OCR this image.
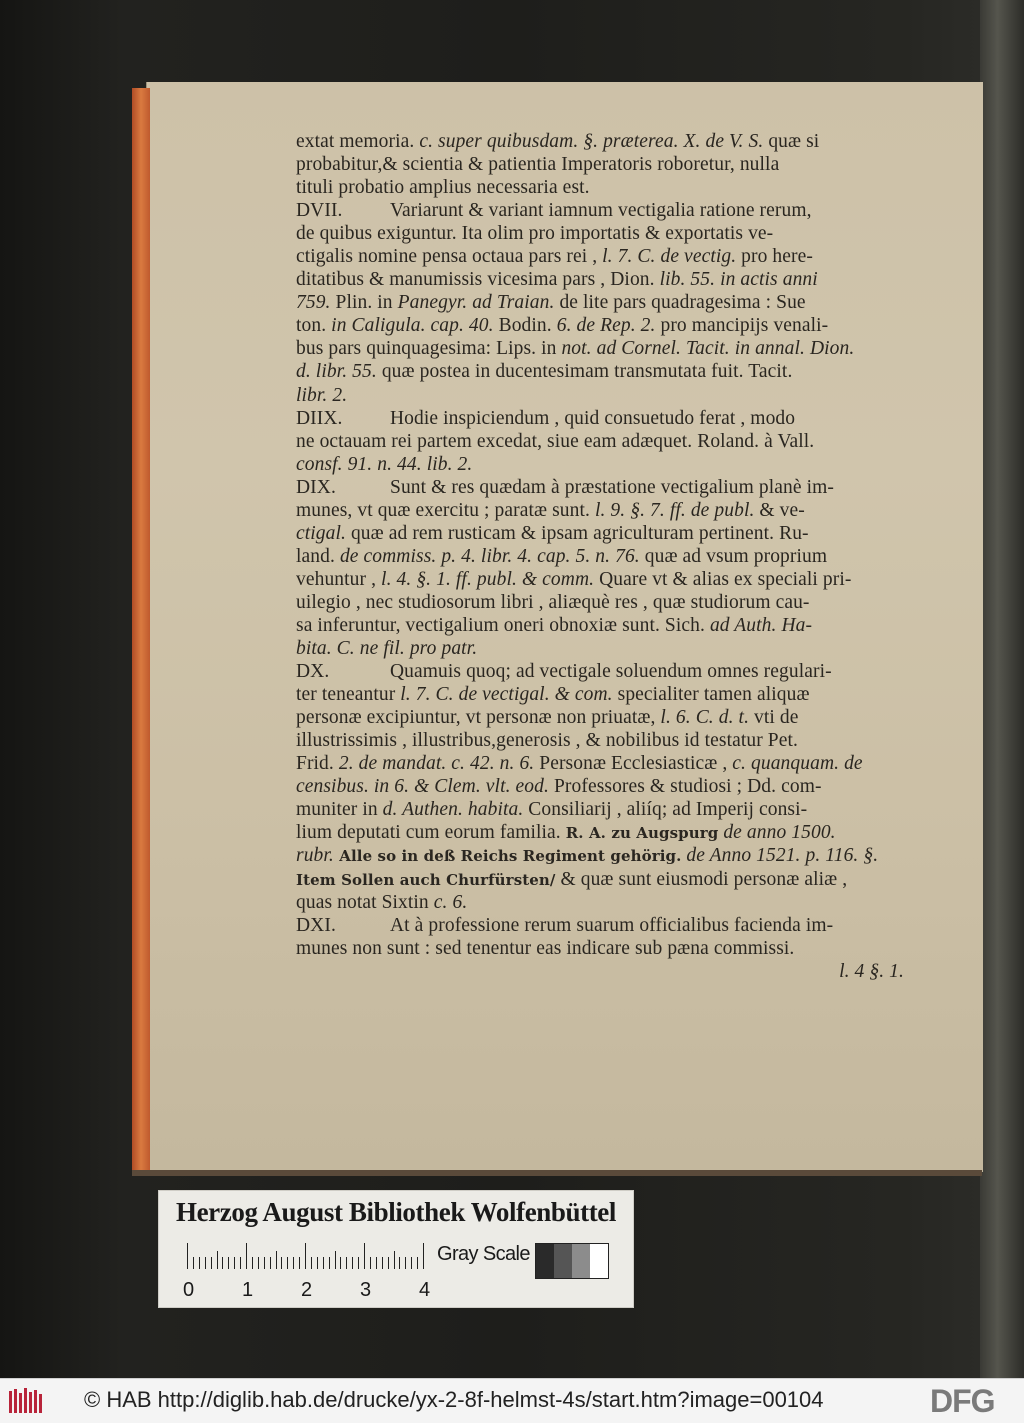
extat memoria. c. super quibusdam. §. præterea. X. de V. S. quæ si
probabitur,& scientia & patientia Imperatoris roboretur, nulla
tituli probatio amplius necessaria est.
DVII. Variarunt & variant iamnum vectigalia ratione rerum,
de quibus exiguntur. Ita olim pro importatis & exportatis ve-
ctigalis nomine pensa octaua pars rei , l. 7. C. de vectig. pro here-
ditatibus & manumissis vicesima pars , Dion. lib. 55. in actis anni
759. Plin. in Panegyr. ad Traian. de lite pars quadragesima : Sue
ton. in Caligula. cap. 40. Bodin. 6. de Rep. 2. pro mancipijs venali-
bus pars quinquagesima: Lips. in not. ad Cornel. Tacit. in annal. Dion.
d. libr. 55. quæ postea in ducentesimam transmutata fuit. Tacit.
libr. 2.
DIIX. Hodie inspiciendum , quid consuetudo ferat , modo
ne octauam rei partem excedat, siue eam adæquet. Roland. à Vall.
consf. 91. n. 44. lib. 2.
DIX.	Sunt & res quædam à præstatione vectigalium planè im-
munes, vt quæ exercitu ; paratæ sunt. l. 9. §. 7. ff. de publ. & ve-
ctigal. quæ ad rem rusticam & ipsam agriculturam pertinent. Ru-
land. de commiss. p. 4. libr. 4. cap. 5. n. 76. quæ ad vsum proprium
vehuntur , l. 4. §. 1. ff. publ. & comm. Quare vt & alias ex speciali pri-
uilegio , nec studiosorum libri , aliæquè res , quæ studiorum cau-
sa inferuntur, vectigalium oneri obnoxiæ sunt. Sich. ad Auth. Ha-
bita. C. ne fil. pro patr.
DX.	Quamuis quoq; ad vectigale soluendum omnes regulari-
ter teneantur l. 7. C. de vectigal. & com. specialiter tamen aliquæ
personæ excipiuntur, vt personæ non priuatæ, l. 6. C. d. t. vti de
illustrissimis , illustribus,generosis , & nobilibus id testatur Pet.
Frid. 2. de mandat. c. 42. n. 6. Personæ Ecclesiasticæ , c. quanquam. de
censibus. in 6. & Clem. vlt. eod. Professores & studiosi ; Dd. com-
muniter in d. Authen. habita. Consiliarij , aliíq; ad Imperij consi-
lium deputati cum eorum familia. R. A. zu Augspurg de anno 1500.
rubr. Alle so in deß Reichs Regiment gehörig. de Anno 1521. p. 116. §.
Item Sollen auch Churfürsten/ & quæ sunt eiusmodi personæ aliæ ,
quas notat Sixtin c. 6.
DXI.	At à professione rerum suarum officialibus facienda im-
munes non sunt : sed tenentur eas indicare sub pæna commissi.
l. 4 §. 1.
Herzog August Bibliothek Wolfenbüttel
Gray Scale
0 1 2 3 4
© HAB http://diglib.hab.de/drucke/yx-2-8f-helmst-4s/start.htm?image=00104	DFG
